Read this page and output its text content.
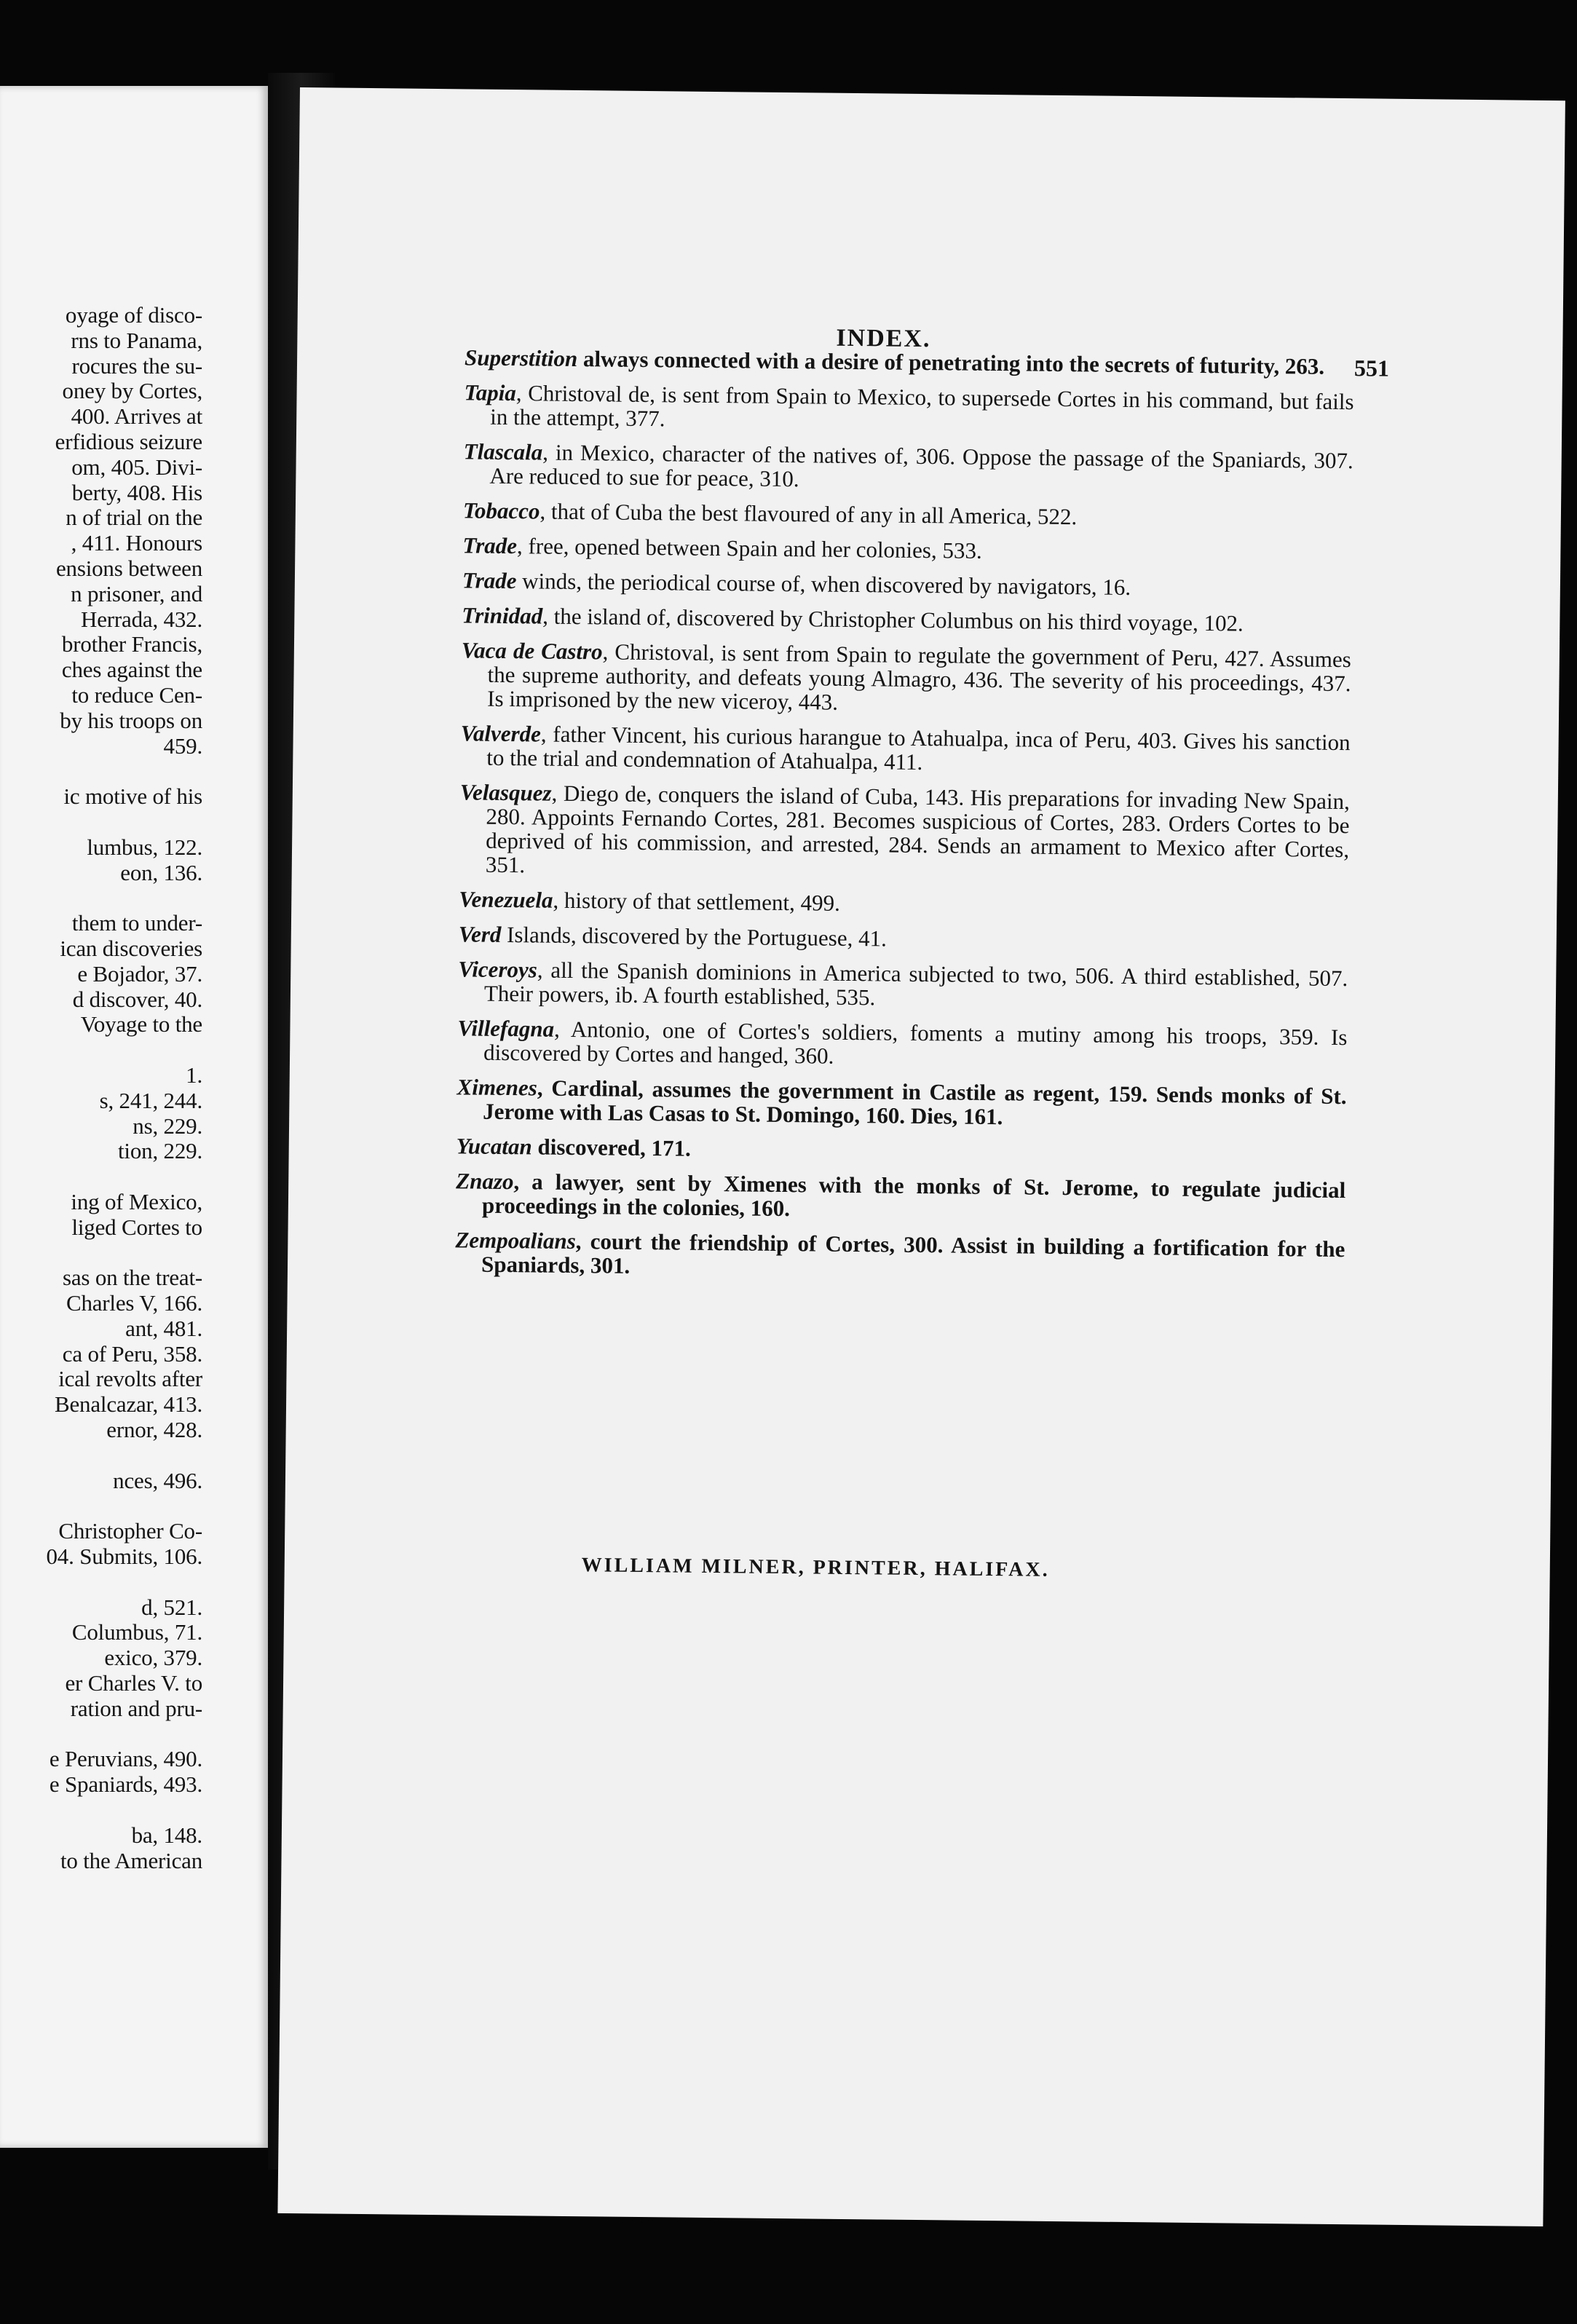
oyage of disco-
rns to Panama,
rocures the su-
oney by Cortes,
400. Arrives at
erfidious seizure
om, 405. Divi-
berty, 408. His
n of trial on the
, 411. Honours
ensions between
n prisoner, and
Herrada, 432.
brother Francis,
ches against the
to reduce Cen-
by his troops on
459.

ic motive of his

lumbus, 122.
eon, 136.

them to under-
ican discoveries
e Bojador, 37.
d discover, 40.
Voyage to the

1.
s, 241, 244.
ns, 229.
tion, 229.

ing of Mexico,
liged Cortes to

sas on the treat-
Charles V, 166.
ant, 481.
ca of Peru, 358.
ical revolts after
Benalcazar, 413.
ernor, 428.

nces, 496.

Christopher Co-
04. Submits, 106.

d, 521.
Columbus, 71.
exico, 379.
er Charles V. to
ration and pru-

e Peruvians, 490.
e Spaniards, 493.

ba, 148.
to the American
INDEX.
551
Superstition always connected with a desire of penetrating into the secrets of futurity, 263.
Tapia, Christoval de, is sent from Spain to Mexico, to supersede Cortes in his command, but fails in the attempt, 377.
Tlascala, in Mexico, character of the natives of, 306. Oppose the passage of the Spaniards, 307. Are reduced to sue for peace, 310.
Tobacco, that of Cuba the best flavoured of any in all America, 522.
Trade, free, opened between Spain and her colonies, 533.
Trade winds, the periodical course of, when discovered by navigators, 16.
Trinidad, the island of, discovered by Christopher Columbus on his third voyage, 102.
Vaca de Castro, Christoval, is sent from Spain to regulate the government of Peru, 427. Assumes the supreme authority, and defeats young Almagro, 436. The severity of his proceedings, 437. Is imprisoned by the new viceroy, 443.
Valverde, father Vincent, his curious harangue to Atahualpa, inca of Peru, 403. Gives his sanction to the trial and condemnation of Atahualpa, 411.
Velasquez, Diego de, conquers the island of Cuba, 143. His preparations for invading New Spain, 280. Appoints Fernando Cortes, 281. Becomes suspicious of Cortes, 283. Orders Cortes to be deprived of his commission, and arrested, 284. Sends an armament to Mexico after Cortes, 351.
Venezuela, history of that settlement, 499.
Verd Islands, discovered by the Portuguese, 41.
Viceroys, all the Spanish dominions in America subjected to two, 506. A third established, 507. Their powers, ib. A fourth established, 535.
Villefagna, Antonio, one of Cortes's soldiers, foments a mutiny among his troops, 359. Is discovered by Cortes and hanged, 360.
Ximenes, Cardinal, assumes the government in Castile as regent, 159. Sends monks of St. Jerome with Las Casas to St. Domingo, 160. Dies, 161.
Yucatan discovered, 171.
Znazo, a lawyer, sent by Ximenes with the monks of St. Jerome, to regulate judicial proceedings in the colonies, 160.
Zempoalians, court the friendship of Cortes, 300. Assist in building a fortification for the Spaniards, 301.
WILLIAM MILNER, PRINTER, HALIFAX.
